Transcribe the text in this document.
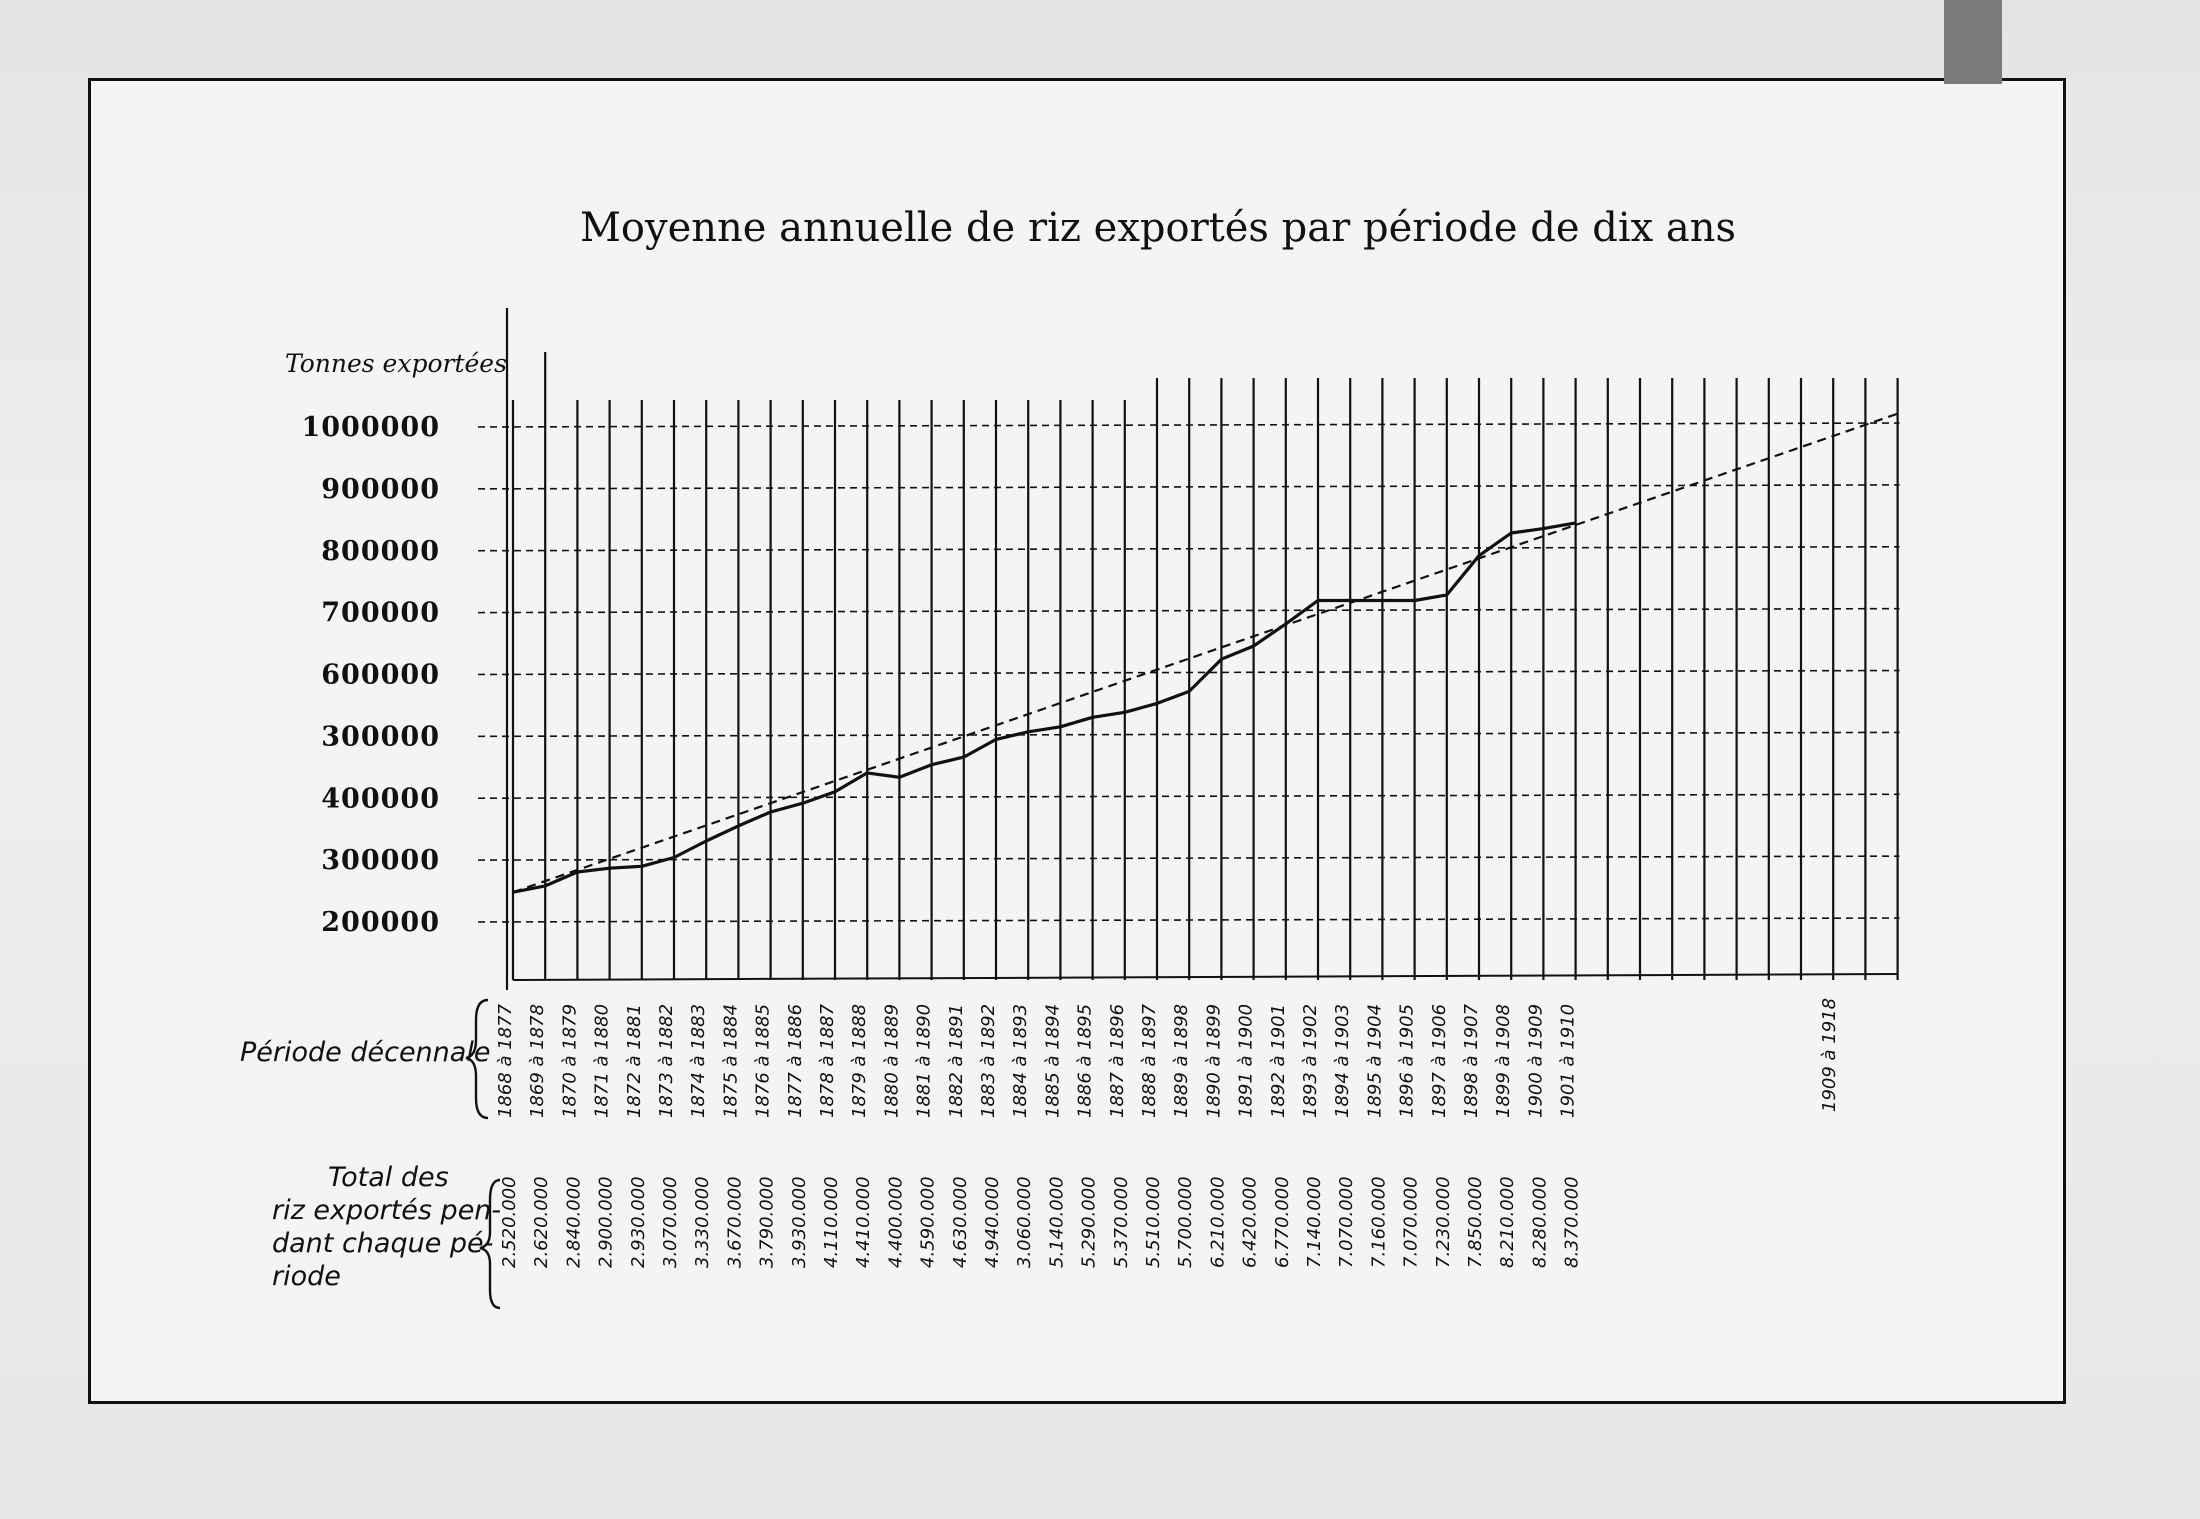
Moyenne annuelle de riz exportés par période de dix ans
Tonnes exportées
Période décennale
1000000
900000
800000
700000
600000
300000
400000
300000
200000
1868 à 1877 1869 à 1878 1870 à 1879 1871 à 1880 1872 à 1881 1873 à 1882 1874 à 1883 1875 à 1884 1876 à 1885 1877 à 1886 1878 à 1887 1879 à 1888 1880 à 1889 1881 à 1890 1882 à 1891 1883 à 1892 1884 à 1893 1885 à 1894 1886 à 1895 1887 à 1896 1888 à 1897 1889 à 1898 1890 à 1899 1891 à 1900 1892 à 1901 1893 à 1902 1894 à 1903 1895 à 1904 1896 à 1905 1897 à 1906 1898 à 1907 1899 à 1908 1900 à 1909 1901 à 1910	1909 à 1918
2.520.000 2.620.000 2.840.000 2.900.000 2.930.000 3.070.000 3.330.000 3.670.000 3.790.000 3.930.000 4.110.000 4.410.000 4.400.000 4.590.000 4.630.000 4.940.000 3.060.000 5.140.000 5.290.000 5.370.000 5.510.000 5.700.000 6.210.000 6.420.000 6.770.000 7.140.000 7.070.000 7.160.000 7.070.000 7.230.000 7.850.000 8.210.000 8.280.000 8.370.000
Total des
riz exportés pen-
dant chaque pé-
riode
